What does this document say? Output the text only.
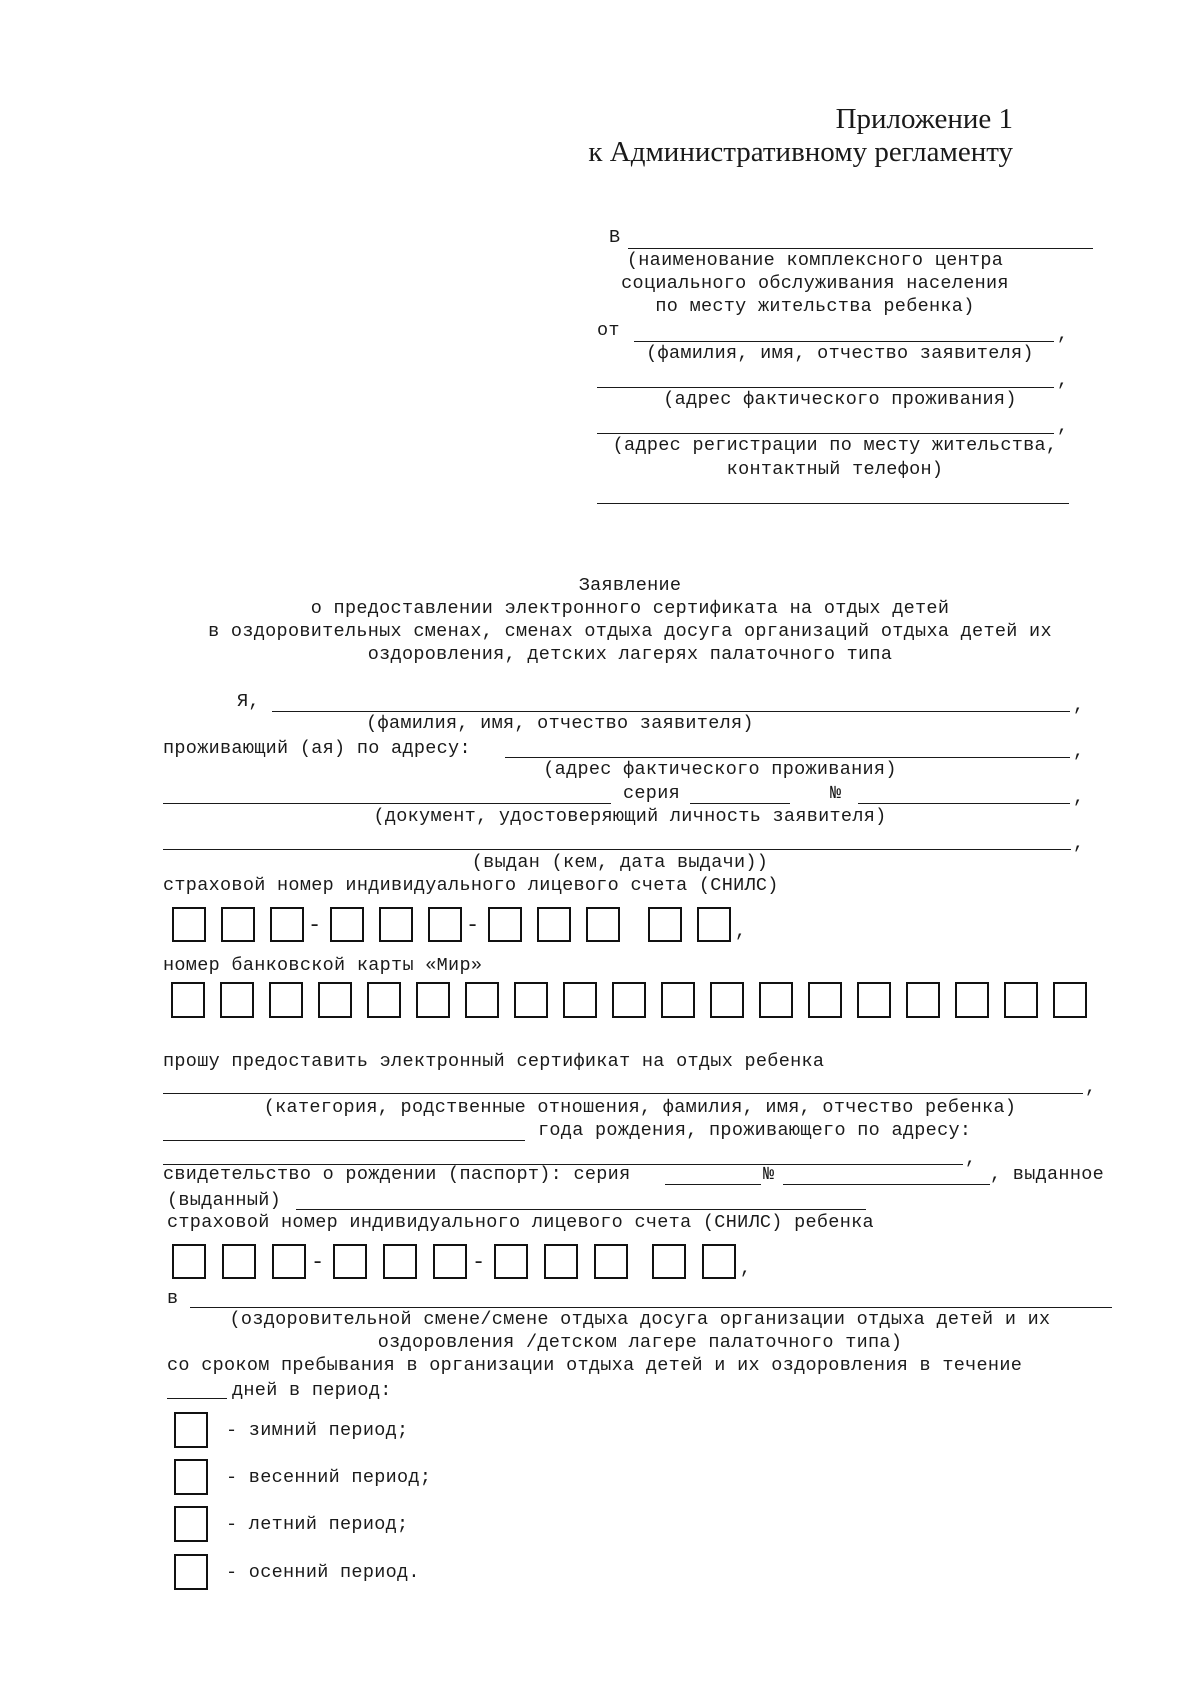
Приложение 1
к Административному регламенту
В
(наименование комплексного центра
социального обслуживания населения
по месту жительства ребенка)
от	,
(фамилия, имя, отчество заявителя)
,
(адрес фактического проживания)
,
(адрес регистрации по месту жительства,
контактный телефон)
Заявление
о предоставлении электронного сертификата на отдых детей
в оздоровительных сменах, сменах отдыха досуга организаций отдыха детей их
оздоровления, детских лагерях палаточного типа
Я,	,
(фамилия, имя, отчество заявителя)
проживающий (ая) по адресу:	,
(адрес фактического проживания)
серия	№	,
(документ, удостоверяющий личность заявителя)
,
(выдан (кем, дата выдачи))
страховой номер индивидуального лицевого счета (СНИЛС)
-	-	,
номер банковской карты «Мир»
прошу предоставить электронный сертификат на отдых ребенка
,
(категория, родственные отношения, фамилия, имя, отчество ребенка)
года рождения, проживающего по адресу:
,
свидетельство о рождении (паспорт): серия	№	, выданное
(выданный)
страховой номер индивидуального лицевого счета (СНИЛС) ребенка
-	-	,
в
(оздоровительной смене/смене отдыха досуга организации отдыха детей и их
оздоровления /детском лагере палаточного типа)
со сроком пребывания в организации отдыха детей и их оздоровления в течение
дней в период:
- зимний период;
- весенний период;
- летний период;
- осенний период.
